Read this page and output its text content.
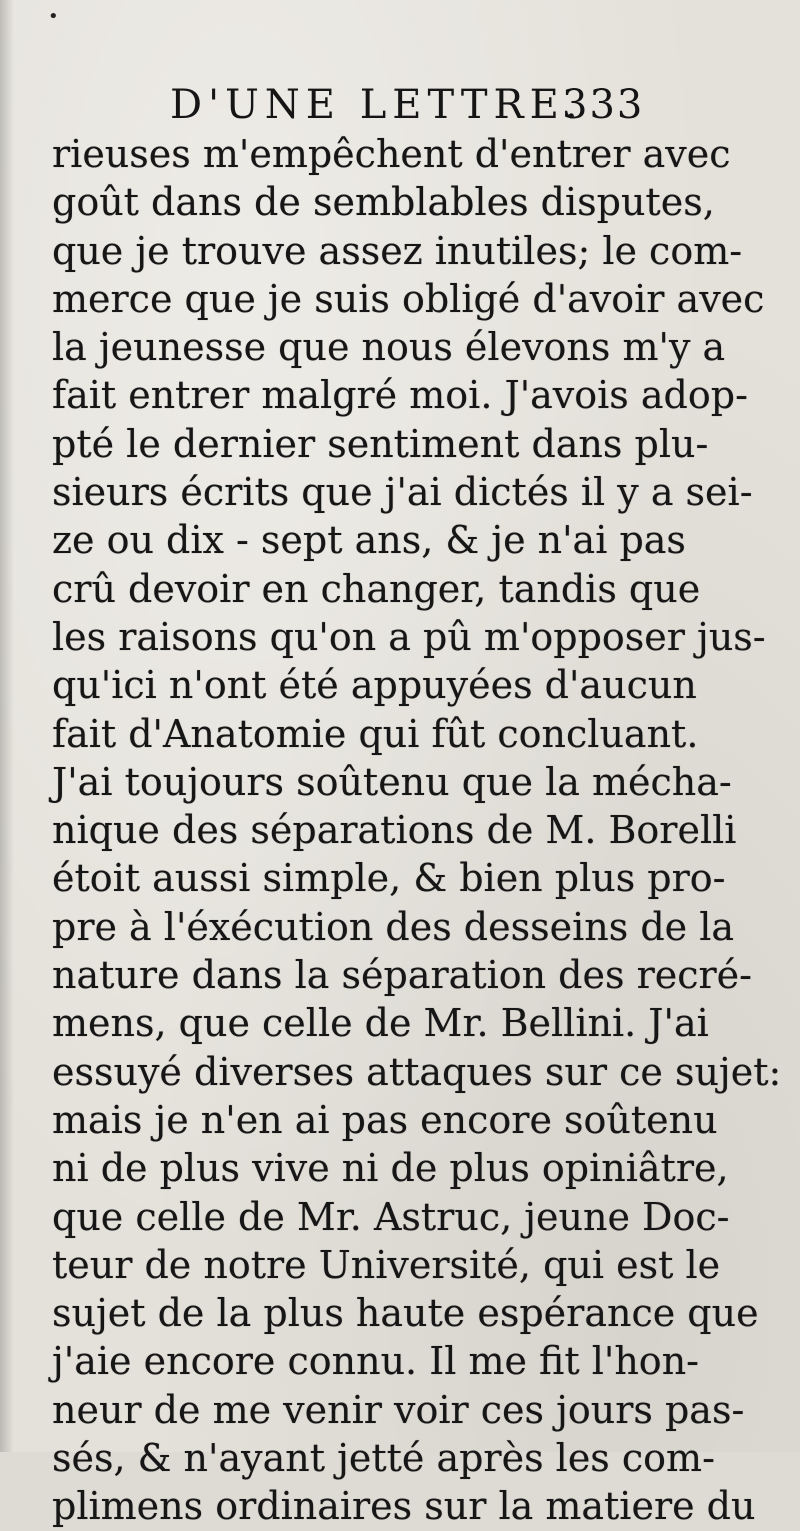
•
D'UNE LETTRE.
333
rieuses m'empêchent d'entrer avec
goût dans de semblables disputes,
que je trouve assez inutiles; le com-
merce que je suis obligé d'avoir avec
la jeunesse que nous élevons m'y a
fait entrer malgré moi. J'avois adop-
pté le dernier sentiment dans plu-
sieurs écrits que j'ai dictés il y a sei-
ze ou dix - sept ans, & je n'ai pas
crû devoir en changer, tandis que
les raisons qu'on a pû m'opposer jus-
qu'ici n'ont été appuyées d'aucun
fait d'Anatomie qui fût concluant.
J'ai toujours soûtenu que la mécha-
nique des séparations de M. Borelli
étoit aussi simple, & bien plus pro-
pre à l'éxécution des desseins de la
nature dans la séparation des recré-
mens, que celle de Mr. Bellini. J'ai
essuyé diverses attaques sur ce sujet:
mais je n'en ai pas encore soûtenu
ni de plus vive ni de plus opiniâtre,
que celle de Mr. Astruc, jeune Doc-
teur de notre Université, qui est le
sujet de la plus haute espérance que
j'aie encore connu. Il me fit l'hon-
neur de me venir voir ces jours pas-
sés, & n'ayant jetté après les com-
plimens ordinaires sur la matiere du
